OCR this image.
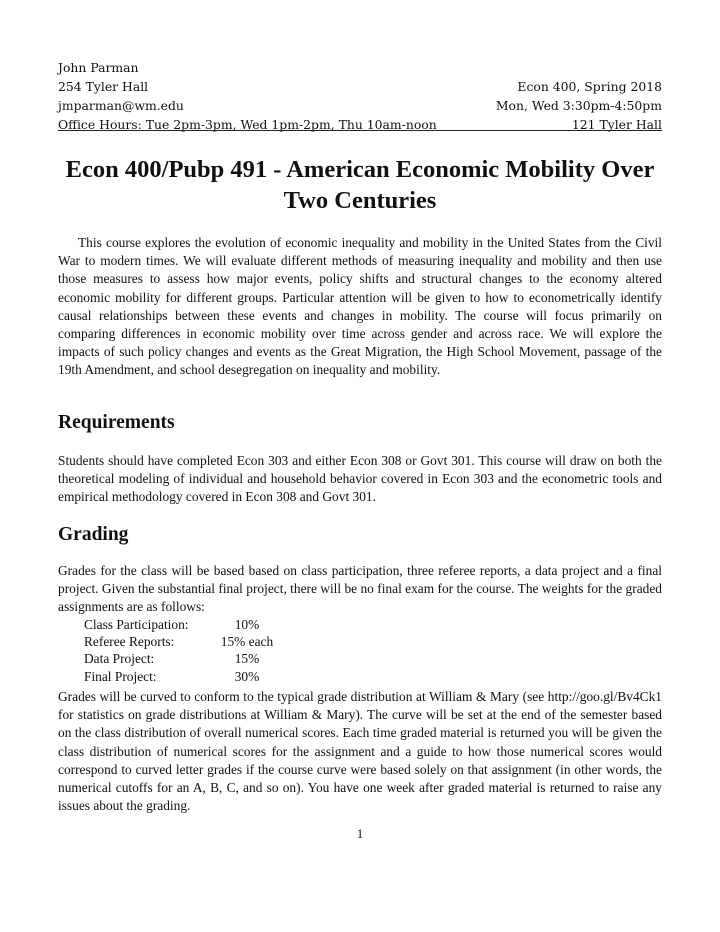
John Parman
254 Tyler Hall	Econ 400, Spring 2018
jmparman@wm.edu	Mon, Wed 3:30pm-4:50pm
Office Hours: Tue 2pm-3pm, Wed 1pm-2pm, Thu 10am-noon	121 Tyler Hall
Econ 400/Pubp 491 - American Economic Mobility Over Two Centuries

This course explores the evolution of economic inequality and mobility in the United States from the Civil War to modern times. We will evaluate different methods of measuring inequality and mobility and then use those measures to assess how major events, policy shifts and structural changes to the economy altered economic mobility for different groups. Particular attention will be given to how to econometrically identify causal relationships between these events and changes in mobility. The course will focus primarily on comparing differences in economic mobility over time across gender and across race. We will explore the impacts of such policy changes and events as the Great Migration, the High School Movement, passage of the 19th Amendment, and school desegregation on inequality and mobility.

Requirements

Students should have completed Econ 303 and either Econ 308 or Govt 301. This course will draw on both the theoretical modeling of individual and household behavior covered in Econ 303 and the econometric tools and empirical methodology covered in Econ 308 and Govt 301.

Grading

Grades for the class will be based based on class participation, three referee reports, a data project and a final project. Given the substantial final project, there will be no final exam for the course. The weights for the graded assignments are as follows:

Class Participation:	10%
Referee Reports:	15% each
Data Project:	15%
Final Project:	30%

Grades will be curved to conform to the typical grade distribution at William & Mary (see http://goo.gl/Bv4Ck1 for statistics on grade distributions at William & Mary). The curve will be set at the end of the semester based on the class distribution of overall numerical scores. Each time graded material is returned you will be given the class distribution of numerical scores for the assignment and a guide to how those numerical scores would correspond to curved letter grades if the course curve were based solely on that assignment (in other words, the numerical cutoffs for an A, B, C, and so on). You have one week after graded material is returned to raise any issues about the grading.

1
